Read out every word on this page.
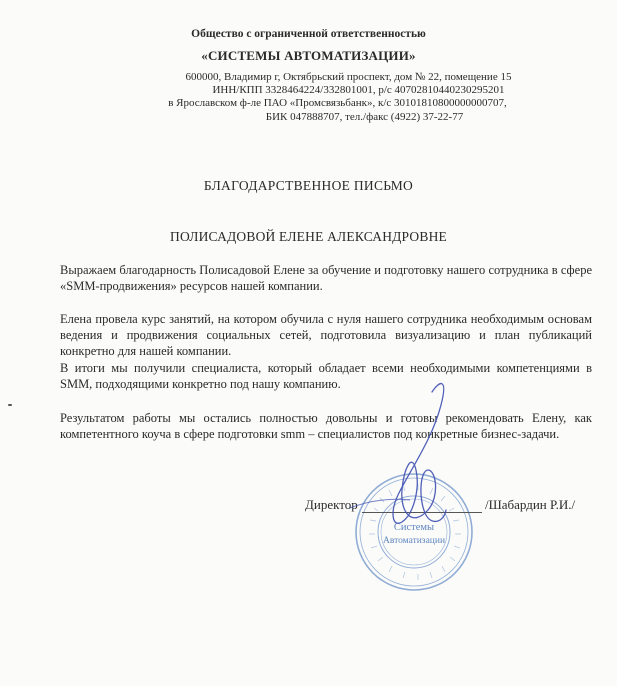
Общество с ограниченной ответственностью
«СИСТЕМЫ АВТОМАТИЗАЦИИ»
600000, Владимир г, Октябрьский проспект, дом № 22, помещение 15
ИНН/КПП 3328464224/332801001, р/с 40702810440230295201
в Ярославском ф-ле ПАО «Промсвязьбанк», к/с 30101810800000000707,
БИК 047888707, тел./факс (4922) 37-22-77
БЛАГОДАРСТВЕННОЕ ПИСЬМО
ПОЛИСАДОВОЙ ЕЛЕНЕ АЛЕКСАНДРОВНЕ
Выражаем благодарность Полисадовой Елене за обучение и подготовку нашего сотрудника в сфере «SMM-продвижения» ресурсов нашей компании.
Елена провела курс занятий, на котором обучила с нуля нашего сотрудника необходимым основам ведения и продвижения социальных сетей, подготовила визуализацию и план публикаций конкретно для нашей компании.
В итоги мы получили специалиста, который обладает всеми необходимыми компетенциями в SMM, подходящими конкретно под нашу компанию.
Результатом работы мы остались полностью довольны и готовы рекомендовать Елену, как компетентного коуча в сфере подготовки smm – специалистов под конкретные бизнес-задачи.
Системы
Автоматизации
Директор	/Шабардин Р.И./
